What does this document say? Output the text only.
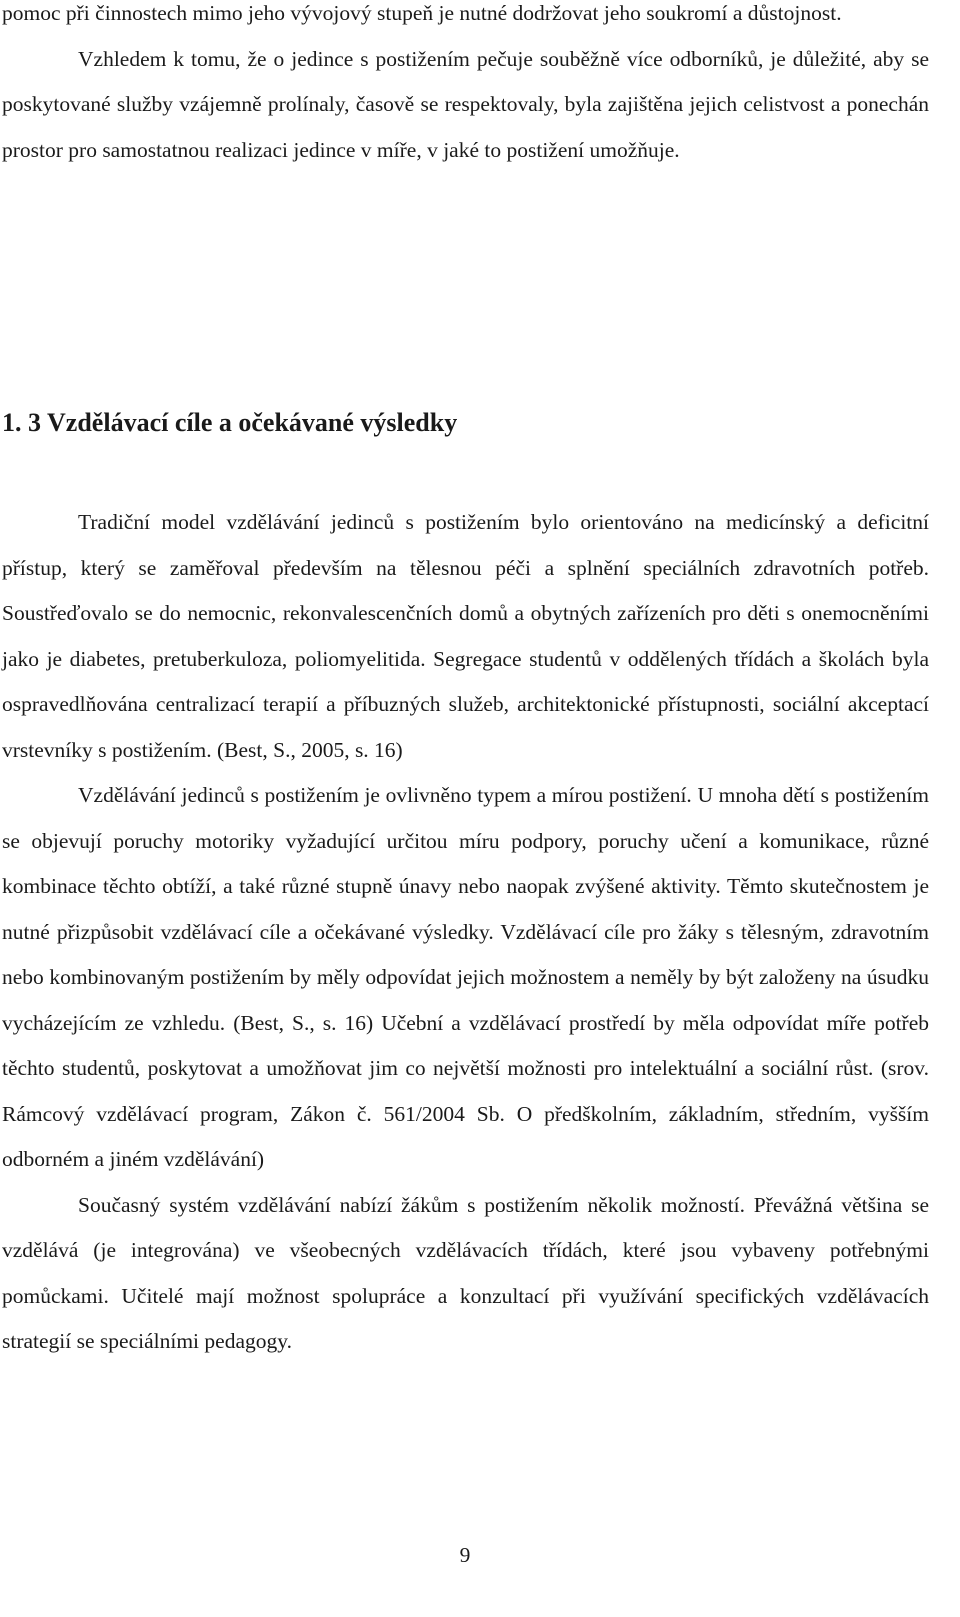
pomoc při činnostech mimo jeho vývojový stupeň je nutné dodržovat jeho soukromí a důstojnost.

Vzhledem k tomu, že o jedince s postižením pečuje souběžně více odborníků, je důležité, aby se poskytované služby vzájemně prolínaly, časově se respektovaly, byla zajištěna jejich celistvost a ponechán prostor pro samostatnou realizaci jedince v míře, v jaké to postižení umožňuje.

1. 3 Vzdělávací cíle a očekávané výsledky

Tradiční model vzdělávání jedinců s postižením bylo orientováno na medicínský a deficitní přístup, který se zaměřoval především na tělesnou péči a splnění speciálních zdravotních potřeb. Soustřeďovalo se do nemocnic, rekonvalescenčních domů a obytných zařízeních pro děti s onemocněními jako je diabetes, pretuberkuloza, poliomyelitida. Segregace studentů v oddělených třídách a školách byla ospravedlňována centralizací terapií a příbuzných služeb, architektonické přístupnosti, sociální akceptací vrstevníky s postižením. (Best, S., 2005, s. 16)

Vzdělávání jedinců s postižením je ovlivněno typem a mírou postižení. U mnoha dětí s postižením se objevují poruchy motoriky vyžadující určitou míru podpory, poruchy učení a komunikace, různé kombinace těchto obtíží, a také různé stupně únavy nebo naopak zvýšené aktivity. Těmto skutečnostem je nutné přizpůsobit vzdělávací cíle a očekávané výsledky. Vzdělávací cíle pro žáky s tělesným, zdravotním nebo kombinovaným postižením by měly odpovídat jejich možnostem a neměly by být založeny na úsudku vycházejícím ze vzhledu. (Best, S., s. 16) Učební a vzdělávací prostředí by měla odpovídat míře potřeb těchto studentů, poskytovat a umožňovat jim co největší možnosti pro intelektuální a sociální růst. (srov. Rámcový vzdělávací program, Zákon č. 561/2004 Sb. O předškolním, základním, středním, vyšším odborném a jiném vzdělávání)

Současný systém vzdělávání nabízí žákům s postižením několik možností. Převážná většina se vzdělává (je integrována) ve všeobecných vzdělávacích třídách, které jsou vybaveny potřebnými pomůckami. Učitelé mají možnost spolupráce a konzultací při využívání specifických vzdělávacích strategií se speciálními pedagogy.

9
